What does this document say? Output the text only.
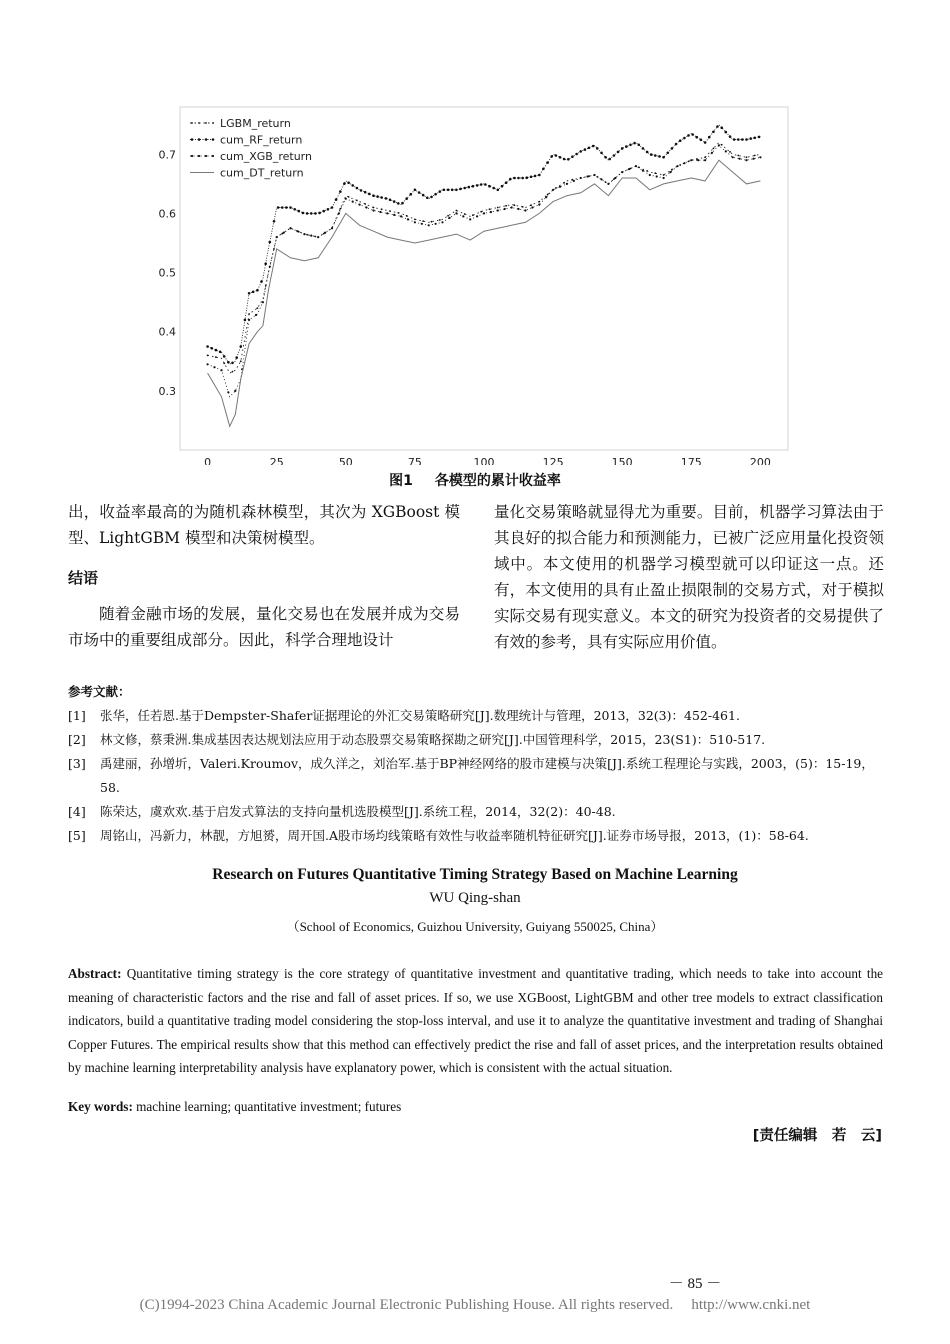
0.3
0.4
0.5
0.6
0.7
0	25	50	75	100	125	150	175	200
LGBM_return
cum_RF_return
cum_XGB_return
cum_DT_return
图1 各模型的累计收益率

出，收益率最高的为随机森林模型，其次为 XGBoost 模型、LightGBM 模型和决策树模型。

结语

随着金融市场的发展，量化交易也在发展并成为交易市场中的重要组成部分。因此，科学合理地设计

量化交易策略就显得尤为重要。目前，机器学习算法由于其良好的拟合能力和预测能力，已被广泛应用量化投资领域中。本文使用的机器学习模型就可以印证这一点。还有，本文使用的具有止盈止损限制的交易方式，对于模拟实际交易有现实意义。本文的研究为投资者的交易提供了有效的参考，具有实际应用价值。

参考文献：
[1]	张华，任若恩.基于Dempster-Shafer证据理论的外汇交易策略研究[J].数理统计与管理，2013，32(3)：452-461.
[2]	林文修，蔡秉洲.集成基因表达规划法应用于动态股票交易策略探勘之研究[J].中国管理科学，2015，23(S1)：510-517.
[3]	禹建丽，孙增圻，Valeri.Kroumov，成久洋之，刘治军.基于BP神经网络的股市建模与决策[J].系统工程理论与实践，2003，(5)：15-19，58.
[4]	陈荣达，虞欢欢.基于启发式算法的支持向量机选股模型[J].系统工程，2014，32(2)：40-48.
[5]	周铭山，冯新力，林靓，方旭赟，周开国.A股市场均线策略有效性与收益率随机特征研究[J].证券市场导报，2013，(1)：58-64.
Research on Futures Quantitative Timing Strategy Based on Machine Learning
WU Qing-shan
（School of Economics, Guizhou University, Guiyang 550025, China）
Abstract: Quantitative timing strategy is the core strategy of quantitative investment and quantitative trading, which needs to take into account the meaning of characteristic factors and the rise and fall of asset prices. If so, we use XGBoost, LightGBM and other tree models to extract classification indicators, build a quantitative trading model considering the stop-loss interval, and use it to analyze the quantitative investment and trading of Shanghai Copper Futures. The empirical results show that this method can effectively predict the rise and fall of asset prices, and the interpretation results obtained by machine learning interpretability analysis have explanatory power, which is consistent with the actual situation.
Key words: machine learning; quantitative investment; futures
[责任编辑　若　云]
－ 85 －
(C)1994-2023 China Academic Journal Electronic Publishing House. All rights reserved. http://www.cnki.net
